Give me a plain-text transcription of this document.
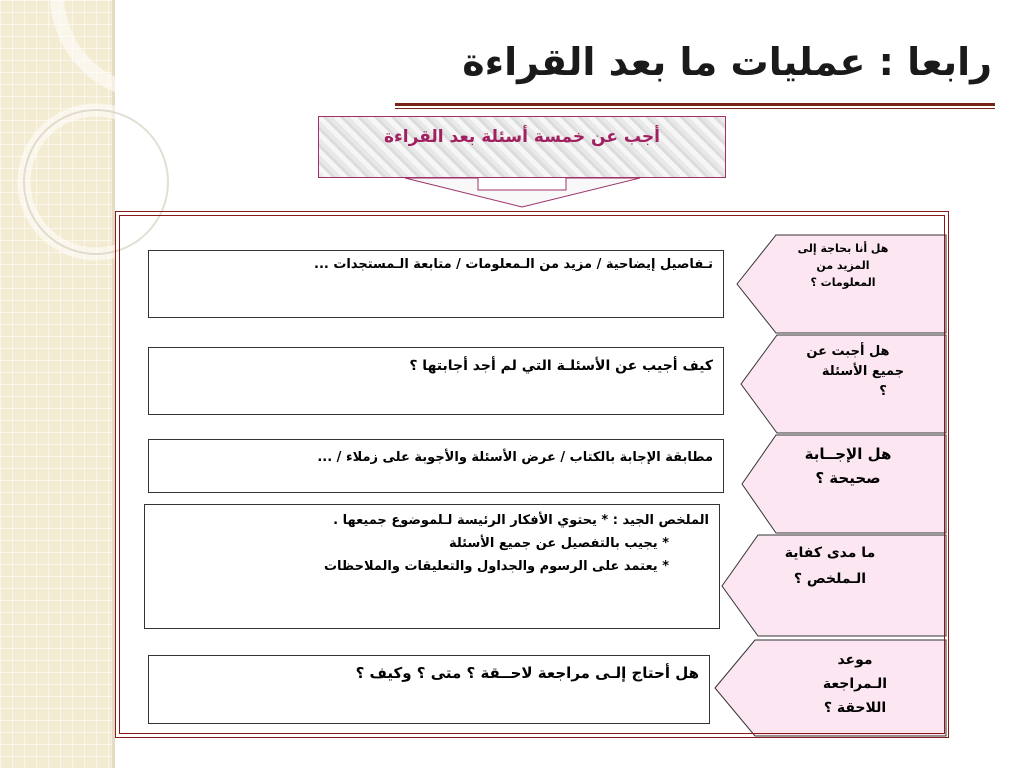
رابعا : عمليات ما بعد القراءة
أجب عن خمسة أسئلة بعد القراءة
تـفاصيل إيضاحية / مزيد من الـمعلومات / متابعة الـمستجدات ...
كيف أجيب عن الأسئلـة التي لم أجد أجابتها ؟
مطابقة الإجابة بالكتاب / عرض الأسئلة والأجوبة على زملاء / ...
الملخص الجيد : * يحتوي الأفكار الرئيسة لـلموضوع جميعها .
* يجيب بالتفصيل عن جميع الأسئلة
* يعتمد على الرسوم والجداول والتعليقات والملاحظات
هل أحتاج إلـى مراجعة لاحــقة ؟ متى ؟ وكيف ؟
هل أنا بحاجة إلى
المزيد من
المعلومات ؟
هل أجبت عن
جميع الأسئلة
؟
هل الإجــابة
صحيحة ؟
ما مدى كفاية
الـملخص ؟
موعد
الـمراجعة
اللاحقة ؟
